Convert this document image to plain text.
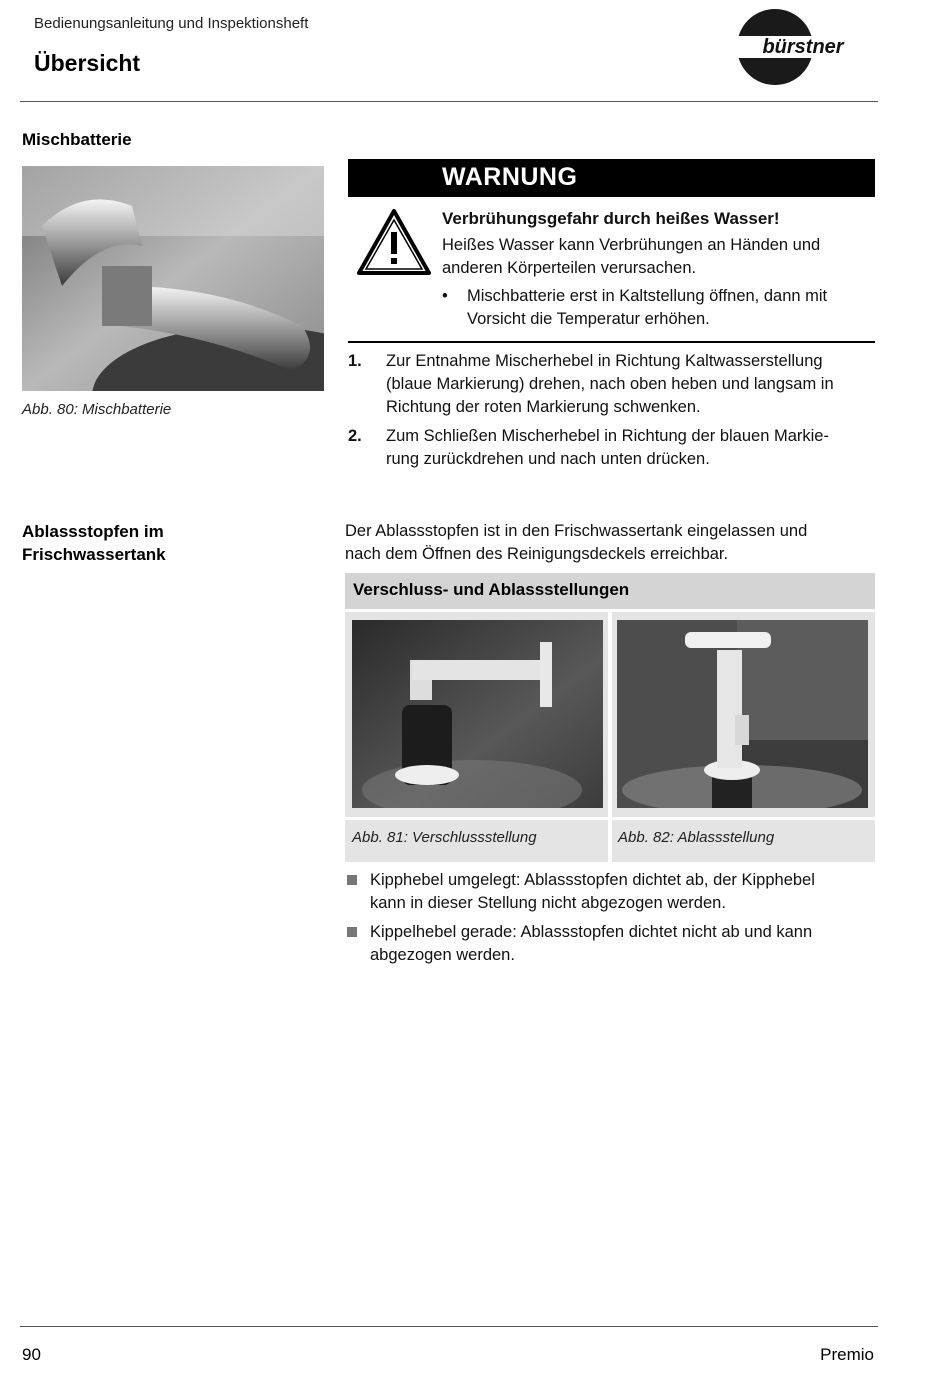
Bedienungsanleitung und Inspektionsheft
Übersicht
bürstner
Mischbatterie
Abb. 80: Mischbatterie
WARNUNG
Verbrühungsgefahr durch heißes Wasser!
Heißes Wasser kann Verbrühungen an Händen und
anderen Körperteilen verursachen.
• Mischbatterie erst in Kaltstellung öffnen, dann mit
Vorsicht die Temperatur erhöhen.
1. Zur Entnahme Mischerhebel in Richtung Kaltwasserstellung
(blaue Markierung) drehen, nach oben heben und langsam in
Richtung der roten Markierung schwenken.
2. Zum Schließen Mischerhebel in Richtung der blauen Markie-
rung zurückdrehen und nach unten drücken.
Ablassstopfen im
Frischwassertank
Der Ablassstopfen ist in den Frischwassertank eingelassen und
nach dem Öffnen des Reinigungsdeckels erreichbar.
Verschluss- und Ablassstellungen
Abb. 81: Verschlussstellung	Abb. 82: Ablassstellung
Kipphebel umgelegt: Ablassstopfen dichtet ab, der Kipphebel
kann in dieser Stellung nicht abgezogen werden.
Kippelhebel gerade: Ablassstopfen dichtet nicht ab und kann
abgezogen werden.
90	Premio
